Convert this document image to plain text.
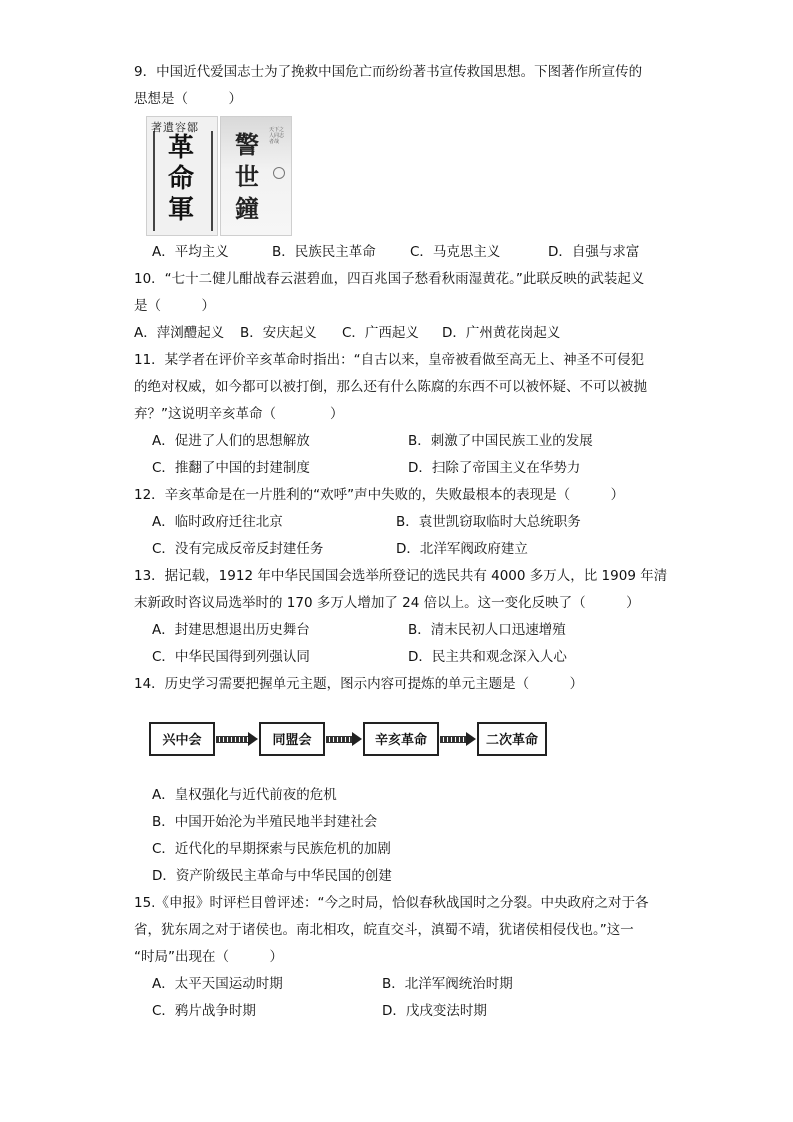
9．中国近代爱国志士为了挽救中国危亡而纷纷著书宣传救国思想。下图著作所宣传的
思想是（　　　）
著遺容鄒
革
命
軍
警
世
鐘
天下之人同志者哉
A．平均主义	B．民族民主革命	C．马克思主义	D．自强与求富
10．“七十二健儿酣战春云湛碧血，四百兆国子愁看秋雨湿黄花。”此联反映的武装起义
是（　　　）
A．萍浏醴起义 B．安庆起义 C．广西起义 D．广州黄花岗起义
11．某学者在评价辛亥革命时指出：“自古以来，皇帝被看做至高无上、神圣不可侵犯
的绝对权威，如今都可以被打倒，那么还有什么陈腐的东西不可以被怀疑、不可以被抛
弃？”这说明辛亥革命（　　　　）
A．促进了人们的思想解放	B．刺激了中国民族工业的发展
C．推翻了中国的封建制度	D．扫除了帝国主义在华势力
12．辛亥革命是在一片胜利的“欢呼”声中失败的，失败最根本的表现是（　　　）
A．临时政府迁往北京	B．袁世凯窃取临时大总统职务
C．没有完成反帝反封建任务	D．北洋军阀政府建立
13．据记载，1912 年中华民国国会选举所登记的选民共有 4000 多万人，比 1909 年清
末新政时咨议局选举时的 170 多万人增加了 24 倍以上。这一变化反映了（　　　）
A．封建思想退出历史舞台	B．清末民初人口迅速增殖
C．中华民国得到列强认同	D．民主共和观念深入人心
14．历史学习需要把握单元主题，图示内容可提炼的单元主题是（　　　）
兴中会	同盟会	辛亥革命	二次革命
A．皇权强化与近代前夜的危机
B．中国开始沦为半殖民地半封建社会
C．近代化的早期探索与民族危机的加剧
D．资产阶级民主革命与中华民国的创建
15.《申报》时评栏目曾评述：“今之时局，恰似春秋战国时之分裂。中央政府之对于各
省，犹东周之对于诸侯也。南北相攻，皖直交斗，滇蜀不靖，犹诸侯相侵伐也。”这一
“时局”出现在（　　　）
A．太平天国运动时期	B．北洋军阀统治时期
C．鸦片战争时期	D．戊戌变法时期
